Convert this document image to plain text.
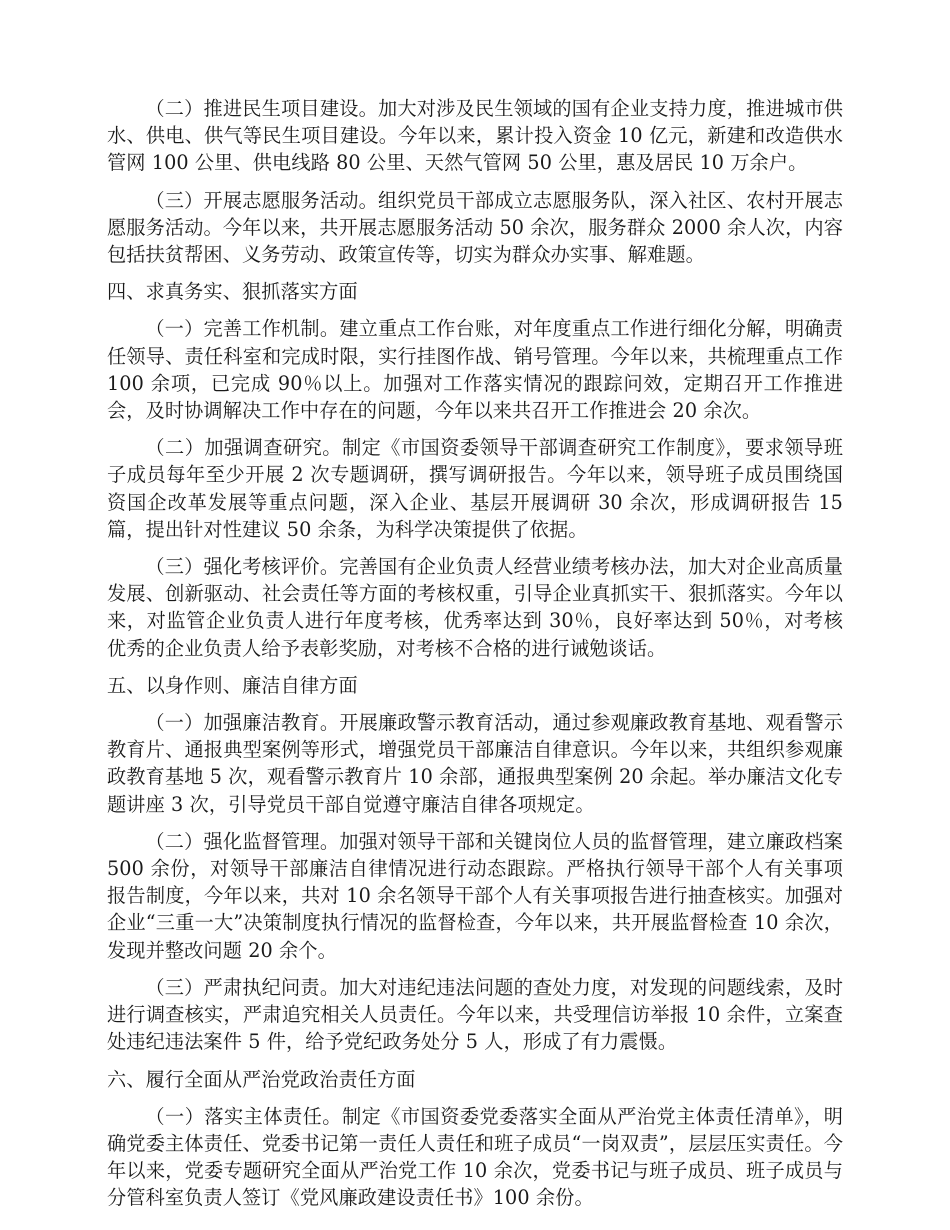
（二）推进民生项目建设。加大对涉及民生领域的国有企业支持力度，推进城市供水、供电、供气等民生项目建设。今年以来，累计投入资金 10 亿元，新建和改造供水管网 100 公里、供电线路 80 公里、天然气管网 50 公里，惠及居民 10 万余户。

（三）开展志愿服务活动。组织党员干部成立志愿服务队，深入社区、农村开展志愿服务活动。今年以来，共开展志愿服务活动 50 余次，服务群众 2000 余人次，内容包括扶贫帮困、义务劳动、政策宣传等，切实为群众办实事、解难题。

四、求真务实、狠抓落实方面

（一）完善工作机制。建立重点工作台账，对年度重点工作进行细化分解，明确责任领导、责任科室和完成时限，实行挂图作战、销号管理。今年以来，共梳理重点工作 100 余项，已完成 90％以上。加强对工作落实情况的跟踪问效，定期召开工作推进会，及时协调解决工作中存在的问题，今年以来共召开工作推进会 20 余次。

（二）加强调查研究。制定《市国资委领导干部调查研究工作制度》，要求领导班子成员每年至少开展 2 次专题调研，撰写调研报告。今年以来，领导班子成员围绕国资国企改革发展等重点问题，深入企业、基层开展调研 30 余次，形成调研报告 15 篇，提出针对性建议 50 余条，为科学决策提供了依据。

（三）强化考核评价。完善国有企业负责人经营业绩考核办法，加大对企业高质量发展、创新驱动、社会责任等方面的考核权重，引导企业真抓实干、狠抓落实。今年以来，对监管企业负责人进行年度考核，优秀率达到 30％，良好率达到 50％，对考核优秀的企业负责人给予表彰奖励，对考核不合格的进行诫勉谈话。

五、以身作则、廉洁自律方面

（一）加强廉洁教育。开展廉政警示教育活动，通过参观廉政教育基地、观看警示教育片、通报典型案例等形式，增强党员干部廉洁自律意识。今年以来，共组织参观廉政教育基地 5 次，观看警示教育片 10 余部，通报典型案例 20 余起。举办廉洁文化专题讲座 3 次，引导党员干部自觉遵守廉洁自律各项规定。

（二）强化监督管理。加强对领导干部和关键岗位人员的监督管理，建立廉政档案 500 余份，对领导干部廉洁自律情况进行动态跟踪。严格执行领导干部个人有关事项报告制度，今年以来，共对 10 余名领导干部个人有关事项报告进行抽查核实。加强对企业“三重一大”决策制度执行情况的监督检查，今年以来，共开展监督检查 10 余次，发现并整改问题 20 余个。

（三）严肃执纪问责。加大对违纪违法问题的查处力度，对发现的问题线索，及时进行调查核实，严肃追究相关人员责任。今年以来，共受理信访举报 10 余件，立案查处违纪违法案件 5 件，给予党纪政务处分 5 人，形成了有力震慑。

六、履行全面从严治党政治责任方面

（一）落实主体责任。制定《市国资委党委落实全面从严治党主体责任清单》，明确党委主体责任、党委书记第一责任人责任和班子成员“一岗双责”，层层压实责任。今年以来，党委专题研究全面从严治党工作 10 余次，党委书记与班子成员、班子成员与分管科室负责人签订《党风廉政建设责任书》100 余份。
